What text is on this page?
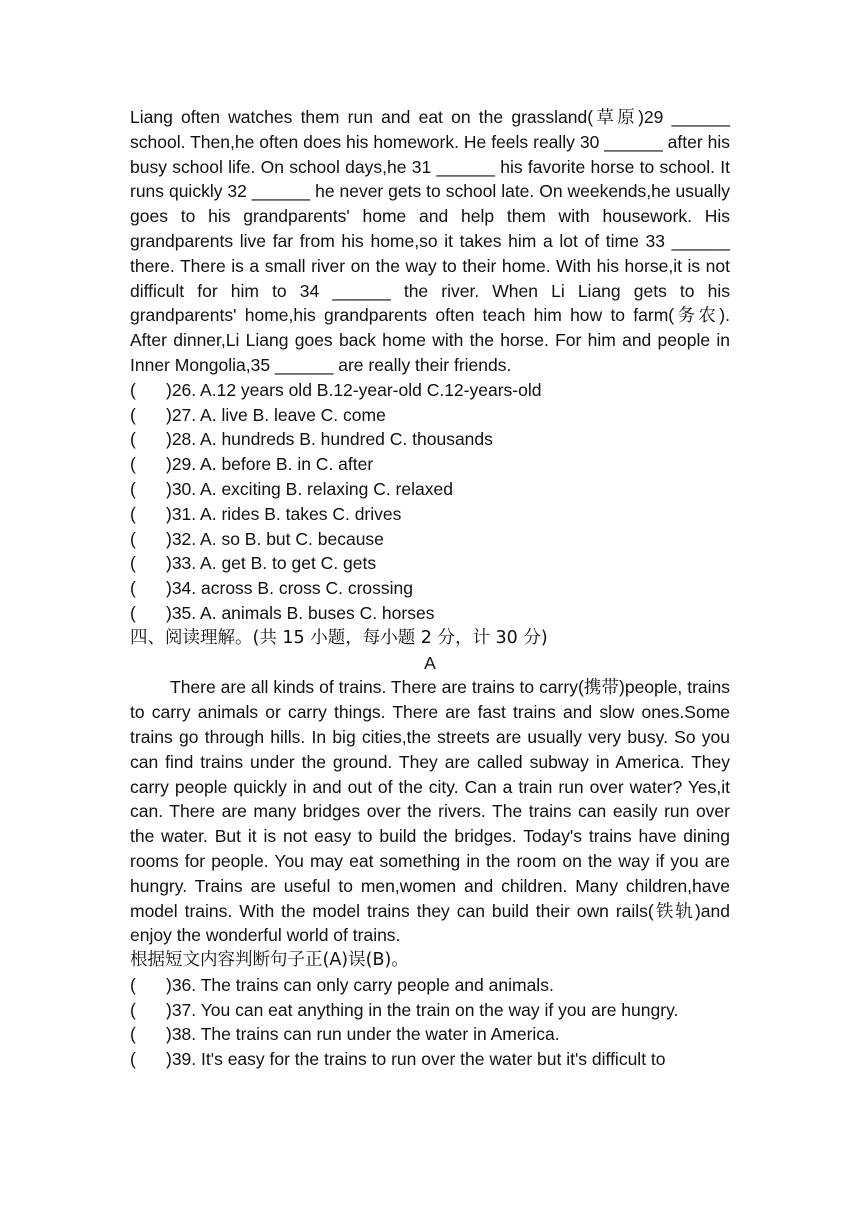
Liang often watches them run and eat on the grassland(草原)29 ______ school. Then,he often does his homework. He feels really 30 ______ after his busy school life. On school days,he 31 ______ his favorite horse to school. It runs quickly 32 ______ he never gets to school late. On weekends,he usually goes to his grandparents' home and help them with housework. His grandparents live far from his home,so it takes him a lot of time 33 ______ there. There is a small river on the way to their home. With his horse,it is not difficult for him to 34 ______ the river. When Li Liang gets to his grandparents' home,his grandparents often teach him how to farm(务农). After dinner,Li Liang goes back home with the horse. For him and people in Inner Mongolia,35 ______ are really their friends.

(	)26. A.12 years old B.12-year-old C.12-years-old
(	)27. A. live B. leave C. come
(	)28. A. hundreds B. hundred C. thousands
(	)29. A. before B. in C. after
(	)30. A. exciting B. relaxing C. relaxed
(	)31. A. rides B. takes C. drives
(	)32. A. so B. but C. because
(	)33. A. get B. to get C. gets
(	)34. across B. cross C. crossing
(	)35. A. animals B. buses C. horses
四、阅读理解。(共 15 小题，每小题 2 分，计 30 分)
A

There are all kinds of trains. There are trains to carry(携带)people, trains to carry animals or carry things. There are fast trains and slow ones.Some trains go through hills. In big cities,the streets are usually very busy. So you can find trains under the ground. They are called subway in America. They carry people quickly in and out of the city. Can a train run over water? Yes,it can. There are many bridges over the rivers. The trains can easily run over the water. But it is not easy to build the bridges. Today's trains have dining rooms for people. You may eat something in the room on the way if you are hungry. Trains are useful to men,women and children. Many children,have model trains. With the model trains they can build their own rails(铁轨)and enjoy the wonderful world of trains.

根据短文内容判断句子正(A)误(B)。
(	)36. The trains can only carry people and animals.
(	)37. You can eat anything in the train on the way if you are hungry.
(	)38. The trains can run under the water in America.
(	)39. It's easy for the trains to run over the water but it's difficult to
